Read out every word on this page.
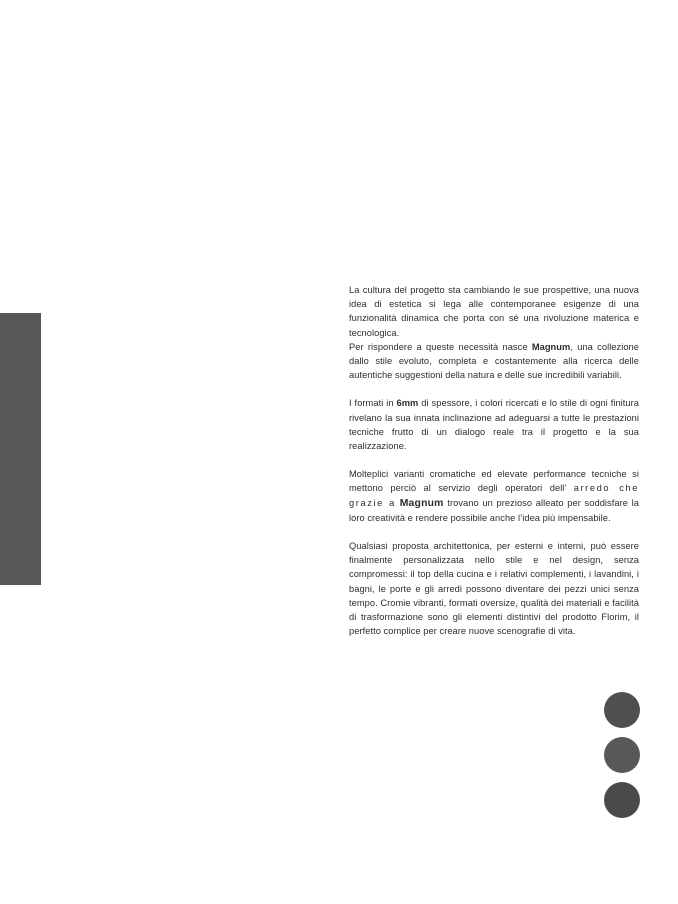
La cultura del progetto sta cambiando le sue prospettive, una nuova idea di estetica si lega alle contemporanee esigenze di una funzionalità dinamica che porta con sé una rivoluzione materica e tecnologica.
Per rispondere a queste necessità nasce Magnum, una collezione dallo stile evoluto, completa e costantemente alla ricerca delle autentiche suggestioni della natura e delle sue incredibili variabili.

I formati in 6mm di spessore, i colori ricercati e lo stile di ogni finitura rivelano la sua innata inclinazione ad adeguarsi a tutte le prestazioni tecniche frutto di un dialogo reale tra il progetto e la sua realizzazione.

Molteplici varianti cromatiche ed elevate performance tecniche si mettono perciò al servizio degli operatori dell’ arredo che grazie a Magnum trovano un prezioso alleato per soddisfare la loro creatività e rendere possibile anche l’idea più impensabile.

Qualsiasi proposta architettonica, per esterni e interni, può essere finalmente personalizzata nello stile e nel design, senza compromessi: il top della cucina e i relativi complementi, i lavandini, i bagni, le porte e gli arredi possono diventare dei pezzi unici senza tempo. Cromie vibranti, formati oversize, qualità dei materiali e facilità di trasformazione sono gli elementi distintivi del prodotto Florim, il perfetto complice per creare nuove scenografie di vita.
